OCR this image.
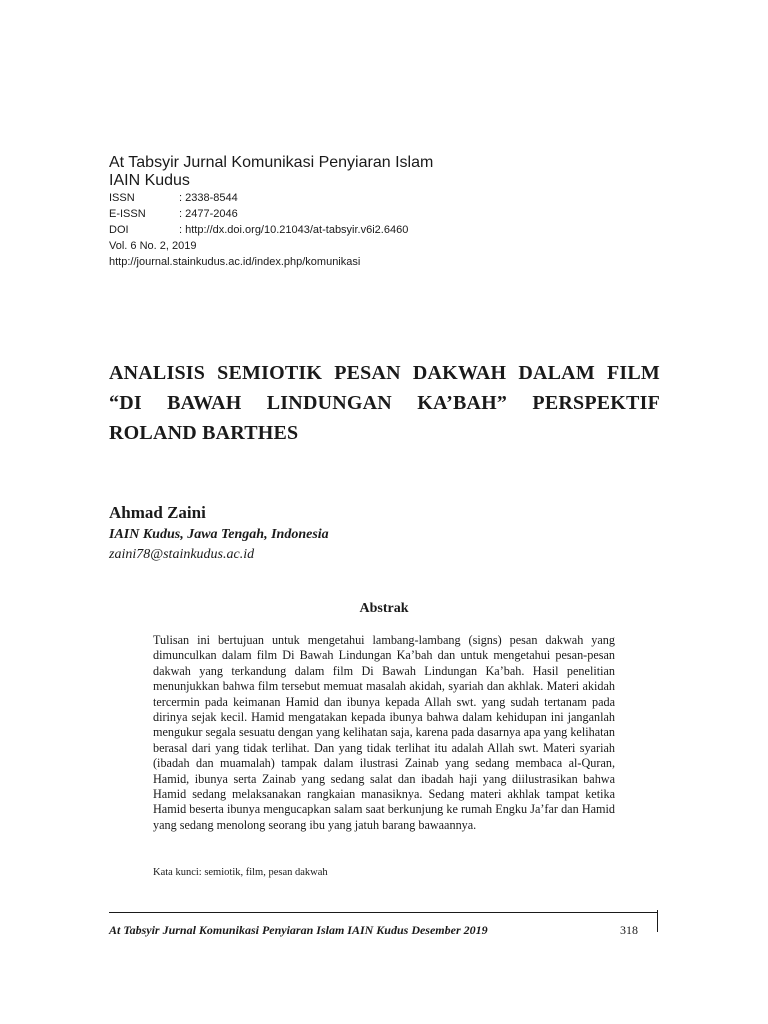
At Tabsyir Jurnal Komunikasi Penyiaran Islam
IAIN Kudus
ISSN	: 2338-8544
E-ISSN	: 2477-2046
DOI	: http://dx.doi.org/10.21043/at-tabsyir.v6i2.6460
Vol. 6 No. 2, 2019
http://journal.stainkudus.ac.id/index.php/komunikasi
ANALISIS SEMIOTIK PESAN DAKWAH DALAM FILM “DI BAWAH LINDUNGAN KA’BAH” PERSPEKTIF ROLAND BARTHES
Ahmad Zaini
IAIN Kudus, Jawa Tengah, Indonesia
zaini78@stainkudus.ac.id
Abstrak

Tulisan ini bertujuan untuk mengetahui lambang-lambang (signs) pesan dakwah yang dimunculkan dalam film Di Bawah Lindungan Ka’bah dan untuk mengetahui pesan-pesan dakwah yang terkandung dalam film Di Bawah Lindungan Ka’bah. Hasil penelitian menunjukkan bahwa film tersebut memuat masalah akidah, syariah dan akhlak. Materi akidah tercermin pada keimanan Hamid dan ibunya kepada Allah swt. yang sudah tertanam pada dirinya sejak kecil. Hamid mengatakan kepada ibunya bahwa dalam kehidupan ini janganlah mengukur segala sesuatu dengan yang kelihatan saja, karena pada dasarnya apa yang kelihatan berasal dari yang tidak terlihat. Dan yang tidak terlihat itu adalah Allah swt. Materi syariah (ibadah dan muamalah) tampak dalam ilustrasi Zainab yang sedang membaca al-Quran, Hamid, ibunya serta Zainab yang sedang salat dan ibadah haji yang diilustrasikan bahwa Hamid sedang melaksanakan rangkaian manasiknya. Sedang materi akhlak tampat ketika Hamid beserta ibunya mengucapkan salam saat berkunjung ke rumah Engku Ja’far dan Hamid yang sedang menolong seorang ibu yang jatuh barang bawaannya.

Kata kunci: semiotik, film, pesan dakwah
At Tabsyir Jurnal Komunikasi Penyiaran Islam IAIN Kudus Desember 2019	318
